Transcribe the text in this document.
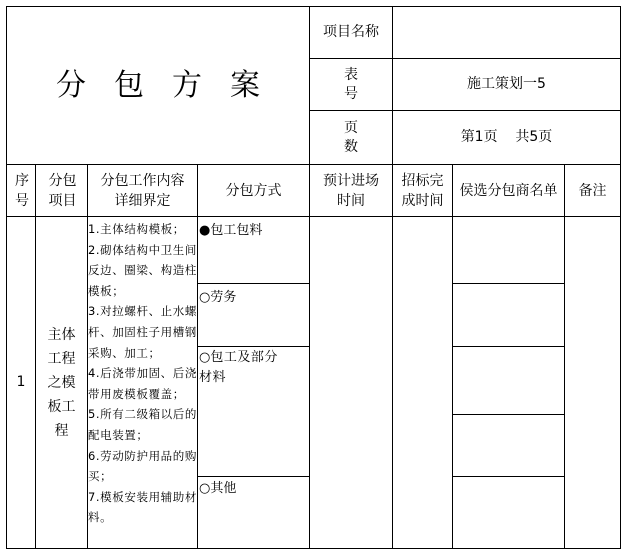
分包方案
项目名称
表号
施工策划一5
页数
第1页    共5页
序号
分包项目
分包工作内容详细界定
分包方式
预计进场时间
招标完成时间
侯选分包商名单	备注
1
主体工程之模板工程
1.主体结构模板；
2.砌体结构中卫生间反边、圈梁、构造柱模板；
3.对拉螺杆、止水螺杆、加固柱子用槽钢采购、加工；
4.后浇带加固、后浇带用废模板覆盖；
5.所有二级箱以后的配电装置；
6.劳动防护用品的购买；
7.模板安装用辅助材料。
●包工包料
○劳务
○包工及部分材料
○其他
